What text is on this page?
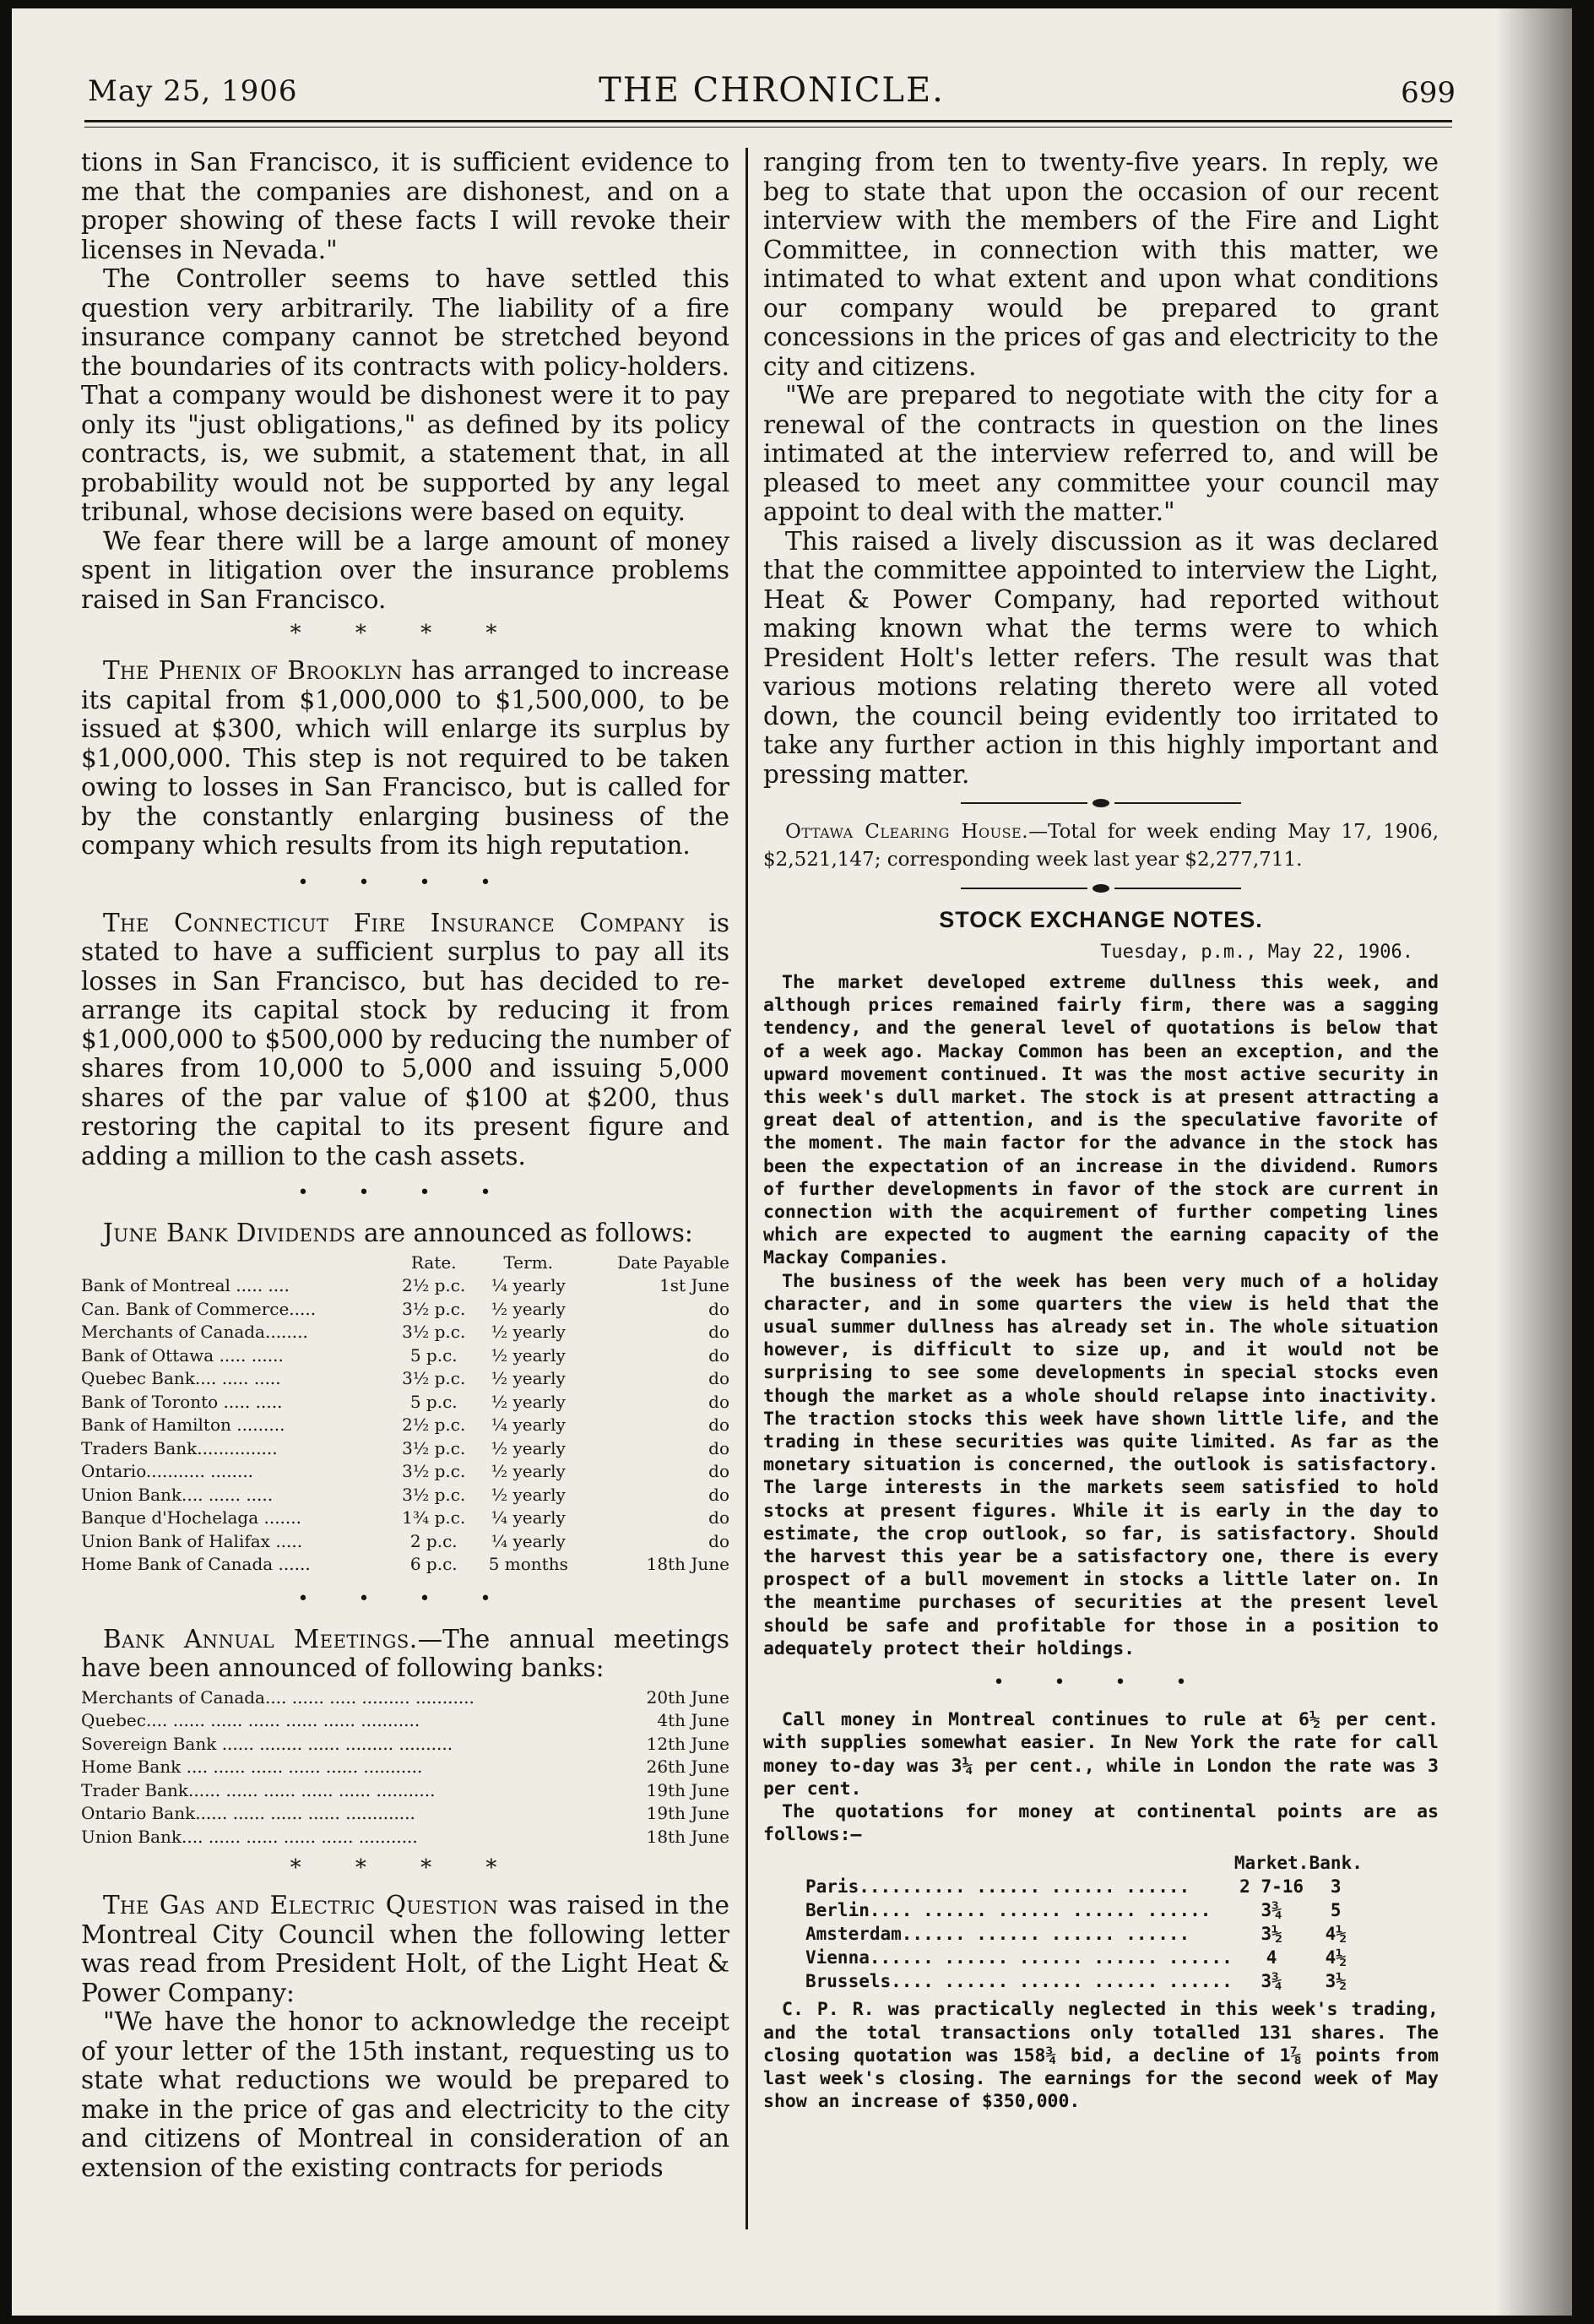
May 25, 1906	THE CHRONICLE.	699

tions in San Francisco, it is sufficient evidence to me that the companies are dishonest, and on a proper showing of these facts I will revoke their licenses in Nevada."

The Controller seems to have settled this question very arbitrarily. The liability of a fire insurance company cannot be stretched beyond the boundaries of its contracts with policy-holders. That a company would be dishonest were it to pay only its "just obligations," as defined by its policy contracts, is, we submit, a statement that, in all probability would not be supported by any legal tribunal, whose decisions were based on equity.

We fear there will be a large amount of money spent in litigation over the insurance problems raised in San Francisco.

* * * *

The Phenix of Brooklyn has arranged to increase its capital from $1,000,000 to $1,500,000, to be issued at $300, which will enlarge its surplus by $1,000,000. This step is not required to be taken owing to losses in San Francisco, but is called for by the constantly enlarging business of the company which results from its high reputation.

• • • •

The Connecticut Fire Insurance Company is stated to have a sufficient surplus to pay all its losses in San Francisco, but has decided to re-arrange its capital stock by reducing it from $1,000,000 to $500,000 by reducing the number of shares from 10,000 to 5,000 and issuing 5,000 shares of the par value of $100 at $200, thus restoring the capital to its present figure and adding a million to the cash assets.

• • • •

June Bank Dividends are announced as follows:

	Rate.	Term.	Date Payable
Bank of Montreal ..... ....	2½ p.c.	¼ yearly	1st June
Can. Bank of Commerce.....	3½ p.c.	½ yearly	do
Merchants of Canada........	3½ p.c.	½ yearly	do
Bank of Ottawa ..... ......	5 p.c.	½ yearly	do
Quebec Bank.... ..... .....	3½ p.c.	½ yearly	do
Bank of Toronto ..... .....	5 p.c.	½ yearly	do
Bank of Hamilton .........	2½ p.c.	¼ yearly	do
Traders Bank...............	3½ p.c.	½ yearly	do
Ontario........... ........	3½ p.c.	½ yearly	do
Union Bank.... ...... .....	3½ p.c.	½ yearly	do
Banque d'Hochelaga .......	1¾ p.c.	¼ yearly	do
Union Bank of Halifax .....	2 p.c.	¼ yearly	do
Home Bank of Canada ......	6 p.c.	5 months	18th June
• • • •

Bank Annual Meetings.—The annual meetings have been announced of following banks:

Merchants of Canada.... ...... ..... ......... ...........	20th June
Quebec.... ...... ...... ...... ...... ...... ...........	4th June
Sovereign Bank ...... ........ ...... ......... ..........	12th June
Home Bank .... ...... ...... ...... ...... ...........	26th June
Trader Bank...... ...... ...... ...... ...... ...........	19th June
Ontario Bank...... ...... ...... ...... .............	19th June
Union Bank.... ...... ...... ...... ...... ...........	18th June
* * * *

The Gas and Electric Question was raised in the Montreal City Council when the following letter was read from President Holt, of the Light Heat & Power Company:

"We have the honor to acknowledge the receipt of your letter of the 15th instant, requesting us to state what reductions we would be prepared to make in the price of gas and electricity to the city and citizens of Montreal in consideration of an extension of the existing contracts for periods

ranging from ten to twenty-five years. In reply, we beg to state that upon the occasion of our recent interview with the members of the Fire and Light Committee, in connection with this matter, we intimated to what extent and upon what conditions our company would be prepared to grant concessions in the prices of gas and electricity to the city and citizens.

"We are prepared to negotiate with the city for a renewal of the contracts in question on the lines intimated at the interview referred to, and will be pleased to meet any committee your council may appoint to deal with the matter."

This raised a lively discussion as it was declared that the committee appointed to interview the Light, Heat & Power Company, had reported without making known what the terms were to which President Holt's letter refers. The result was that various motions relating thereto were all voted down, the council being evidently too irritated to take any further action in this highly important and pressing matter.

Ottawa Clearing House.—Total for week ending May 17, 1906, $2,521,147; corresponding week last year $2,277,711.

STOCK EXCHANGE NOTES.
Tuesday, p.m., May 22, 1906.

The market developed extreme dullness this week, and although prices remained fairly firm, there was a sagging tendency, and the general level of quotations is below that of a week ago. Mackay Common has been an exception, and the upward movement continued. It was the most active security in this week's dull market. The stock is at present attracting a great deal of attention, and is the speculative favorite of the moment. The main factor for the advance in the stock has been the expectation of an increase in the dividend. Rumors of further developments in favor of the stock are current in connection with the acquirement of further competing lines which are expected to augment the earning capacity of the Mackay Companies.

The business of the week has been very much of a holiday character, and in some quarters the view is held that the usual summer dullness has already set in. The whole situation however, is difficult to size up, and it would not be surprising to see some developments in special stocks even though the market as a whole should relapse into inactivity. The traction stocks this week have shown little life, and the trading in these securities was quite limited. As far as the monetary situation is concerned, the outlook is satisfactory. The large interests in the markets seem satisfied to hold stocks at present figures. While it is early in the day to estimate, the crop outlook, so far, is satisfactory. Should the harvest this year be a satisfactory one, there is every prospect of a bull movement in stocks a little later on. In the meantime purchases of securities at the present level should be safe and profitable for those in a position to adequately protect their holdings.

• • • •

Call money in Montreal continues to rule at 6½ per cent. with supplies somewhat easier. In New York the rate for call money to-day was 3¼ per cent., while in London the rate was 3 per cent.

The quotations for money at continental points are as follows:—

	Market.	Bank.
Paris.......... ...... ...... ......	2 7-16	3
Berlin.... ...... ...... ...... ......	3¾	5
Amsterdam...... ...... ...... ......	3½	4½
Vienna...... ...... ...... ...... ......	4	4½
Brussels.... ...... ...... ...... ......	3¾	3½

C. P. R. was practically neglected in this week's trading, and the total transactions only totalled 131 shares. The closing quotation was 158¾ bid, a decline of 1⅞ points from last week's closing. The earnings for the second week of May show an increase of $350,000.
